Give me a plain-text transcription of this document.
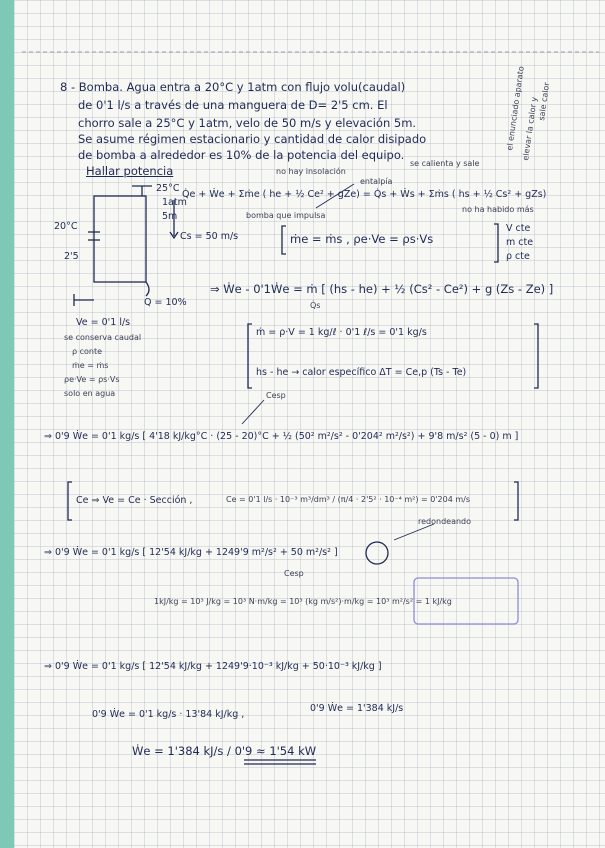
8 - Bomba. Agua entra a 20°C y 1atm con flujo volu(caudal)
de 0'1 l/s a través de una manguera de D= 2'5 cm. El
chorro sale a 25°C y 1atm, velo de 50 m/s y elevación 5m.
Se asume régimen estacionario y cantidad de calor disipado
de bomba a alrededor es 10% de la potencia del equipo.
Hallar potencia
el enunciado aparato
elevar la calor y
sale calor
no hay insolación
entalpía
se calienta y sale
Q̇e + Ẇe + Σṁe ( he + ½ Ce² + gZe) = Q̇s + Ẇs + Σṁs ( hs + ½ Cs² + gZs)
bomba que impulsa
no ha habido más
25°C
1atm
5m
Cs = 50 m/s
20°C
2'5
Q = 10%
ṁe = ṁs , ρe·Ve = ρs·Vs
V cte
m cte
ρ cte
⇒ Ẇe - 0'1Ẇe = ṁ [ (hs - he) + ½ (Cs² - Ce²) + g (Zs - Ze) ]
Q̇s
Ve = 0'1 l/s
se conserva caudal
ρ conte
ṁe = ṁs
ρe·Ve = ρs·Vs
solo en agua
ṁ = ρ·V = 1 kg/ℓ · 0'1 ℓ/s = 0'1 kg/s
hs - he → calor específico ΔT = Ce,p (Ts - Te)
Cesp
⇒ 0'9 Ẇe = 0'1 kg/s [ 4'18 kJ/kg°C · (25 - 20)°C + ½ (50² m²/s² - 0'204² m²/s²) + 9'8 m/s² (5 - 0) m ]
Ce ⇒ Ve = Ce · Sección ,	Ce = 0'1 l/s · 10⁻³ m³/dm³ / (π/4 · 2'5² · 10⁻⁴ m²) = 0'204 m/s
redondeando
⇒ 0'9 Ẇe = 0'1 kg/s [ 12'54 kJ/kg + 1249'9 m²/s² + 50 m²/s² ]
Cesp
1kJ/kg = 10³ J/kg = 10³ N·m/kg = 10³ (kg m/s²)·m/kg = 10³ m²/s² = 1 kJ/kg
⇒ 0'9 Ẇe = 0'1 kg/s [ 12'54 kJ/kg + 1249'9·10⁻³ kJ/kg + 50·10⁻³ kJ/kg ]
0'9 Ẇe = 0'1 kg/s · 13'84 kJ/kg ,
0'9 Ẇe = 1'384 kJ/s
Ẇe = 1'384 kJ/s / 0'9 ≈ 1'54 kW
